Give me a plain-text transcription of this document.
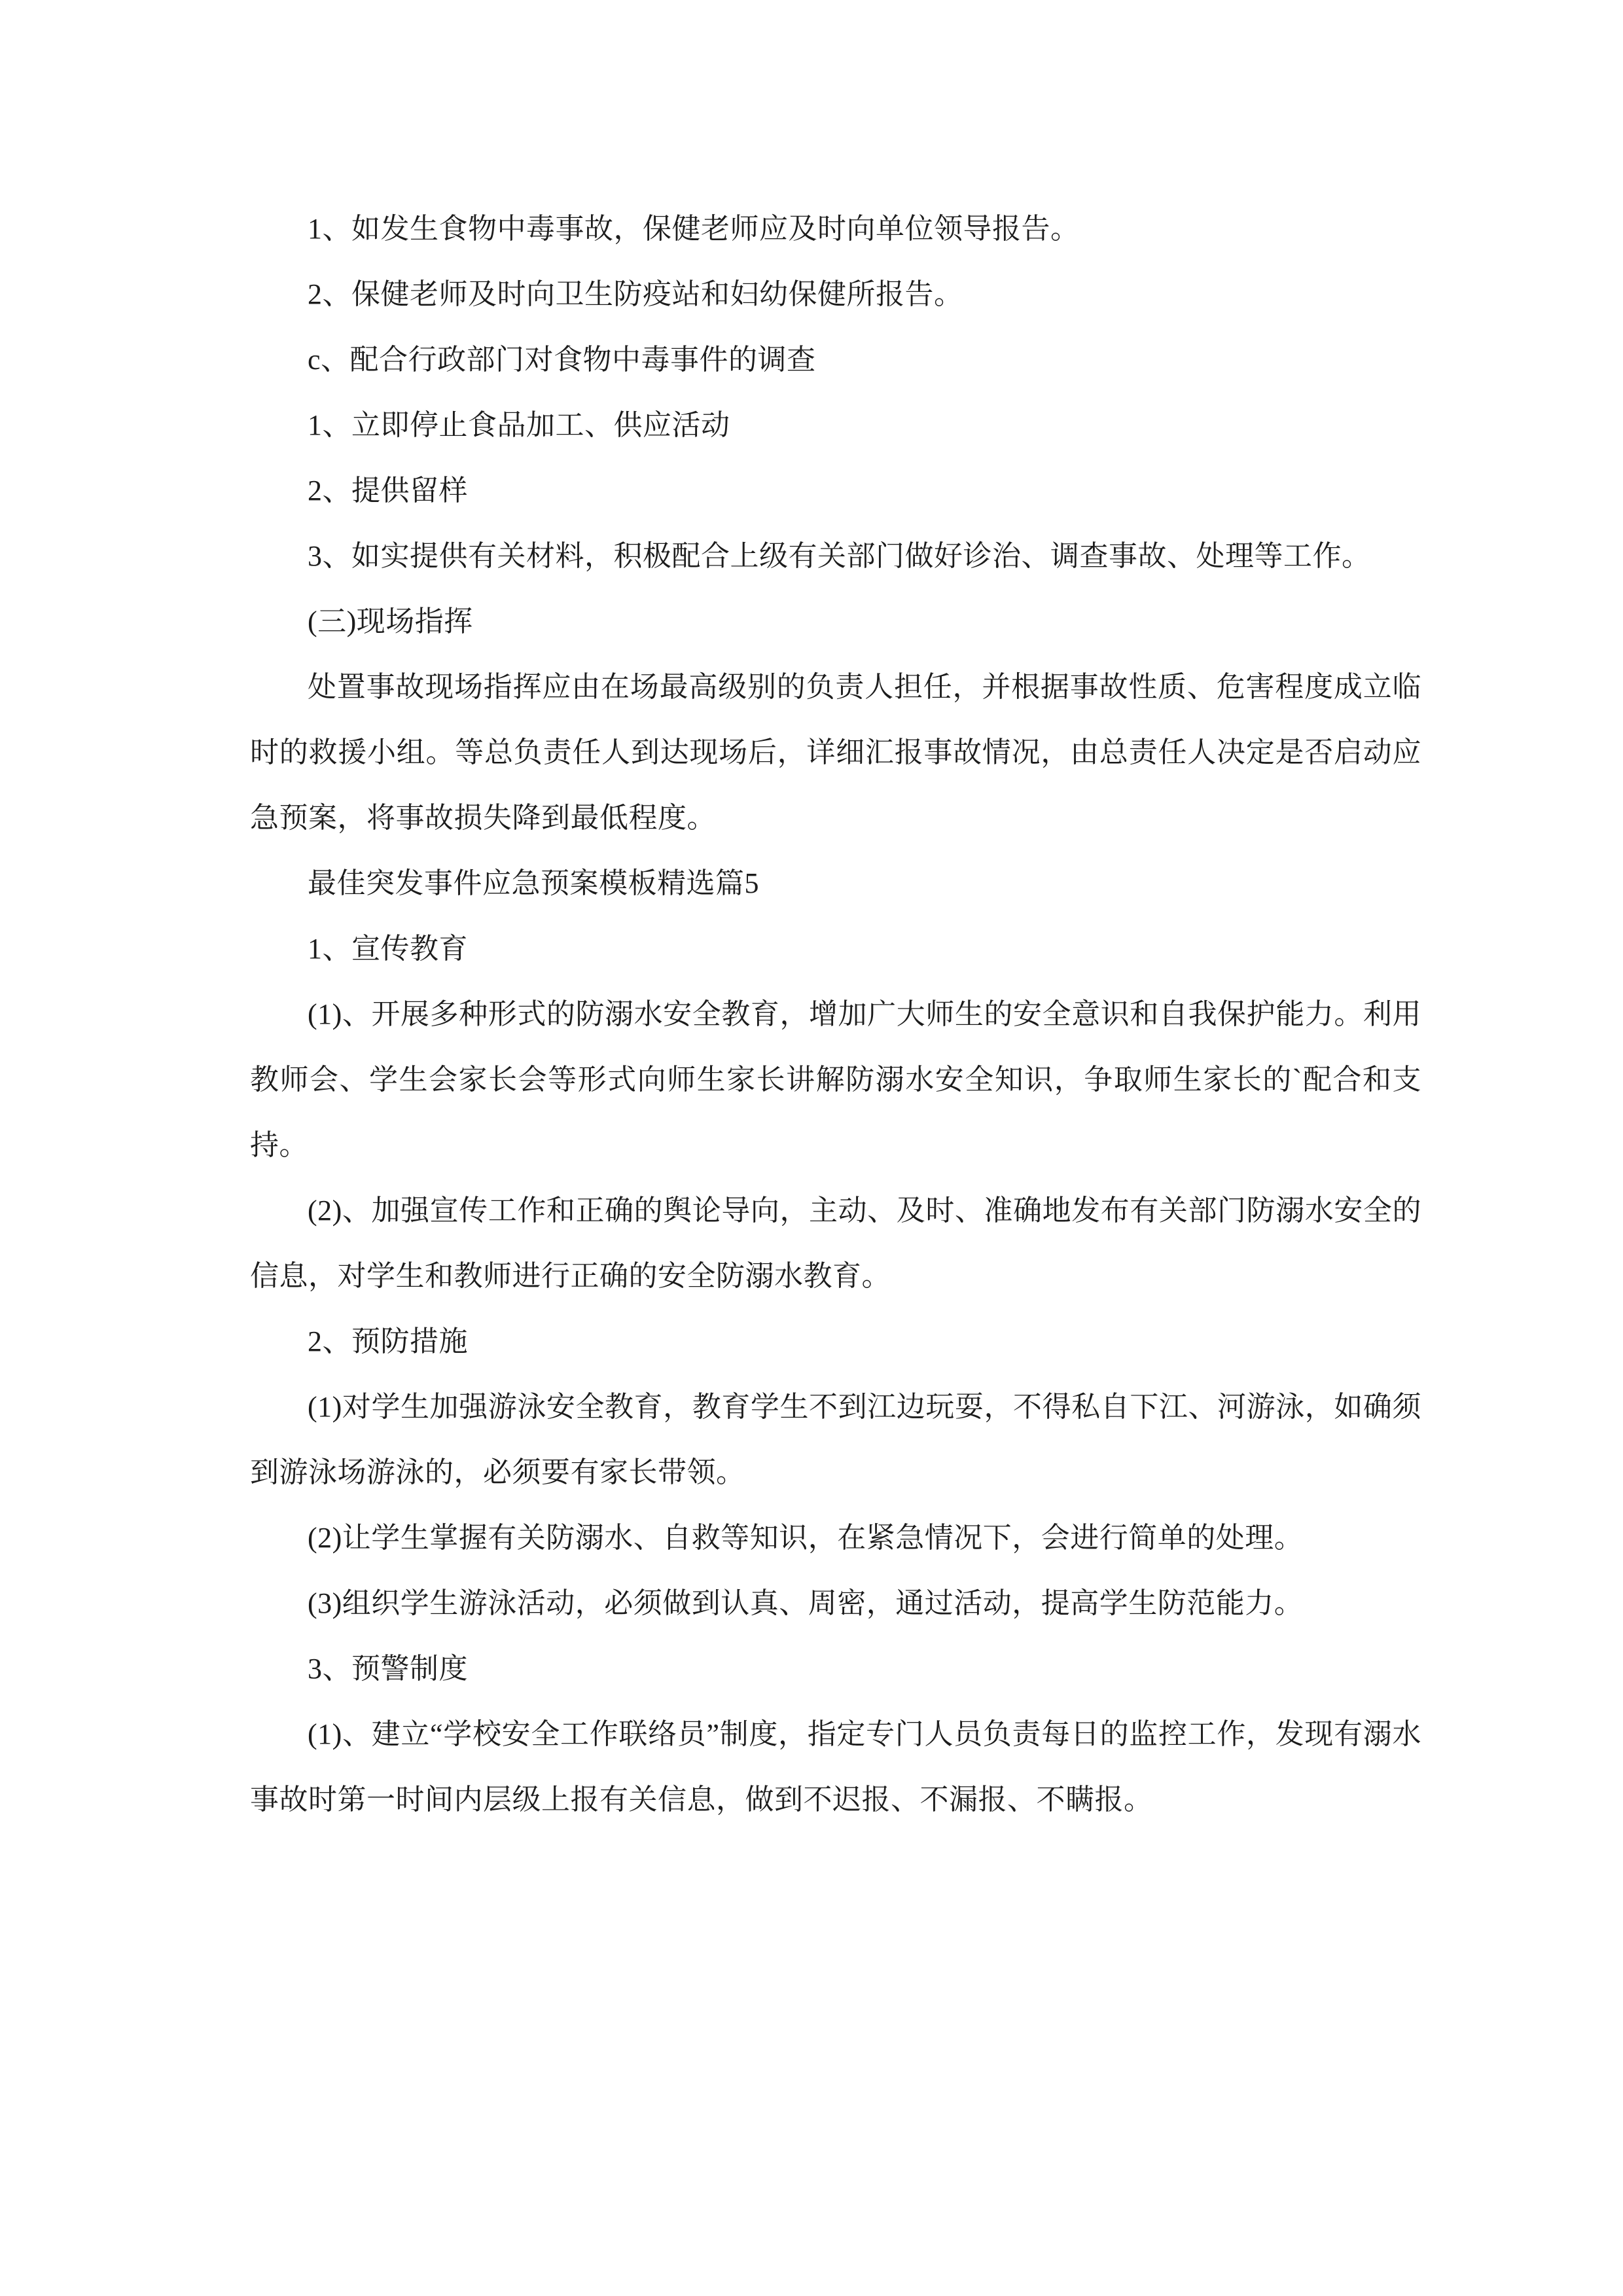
1、如发生食物中毒事故，保健老师应及时向单位领导报告。

2、保健老师及时向卫生防疫站和妇幼保健所报告。

c、配合行政部门对食物中毒事件的调查

1、立即停止食品加工、供应活动

2、提供留样

3、如实提供有关材料，积极配合上级有关部门做好诊治、调查事故、处理等工作。

(三)现场指挥

处置事故现场指挥应由在场最高级别的负责人担任，并根据事故性质、危害程度成立临时的救援小组。等总负责任人到达现场后，详细汇报事故情况，由总责任人决定是否启动应急预案，将事故损失降到最低程度。

最佳突发事件应急预案模板精选篇5

1、宣传教育

(1)、开展多种形式的防溺水安全教育，增加广大师生的安全意识和自我保护能力。利用教师会、学生会家长会等形式向师生家长讲解防溺水安全知识，争取师生家长的`配合和支持。

(2)、加强宣传工作和正确的舆论导向，主动、及时、准确地发布有关部门防溺水安全的信息，对学生和教师进行正确的安全防溺水教育。

2、预防措施

(1)对学生加强游泳安全教育，教育学生不到江边玩耍，不得私自下江、河游泳，如确须到游泳场游泳的，必须要有家长带领。

(2)让学生掌握有关防溺水、自救等知识，在紧急情况下，会进行简单的处理。

(3)组织学生游泳活动，必须做到认真、周密，通过活动，提高学生防范能力。

3、预警制度

(1)、建立“学校安全工作联络员”制度，指定专门人员负责每日的监控工作，发现有溺水事故时第一时间内层级上报有关信息，做到不迟报、不漏报、不瞒报。
